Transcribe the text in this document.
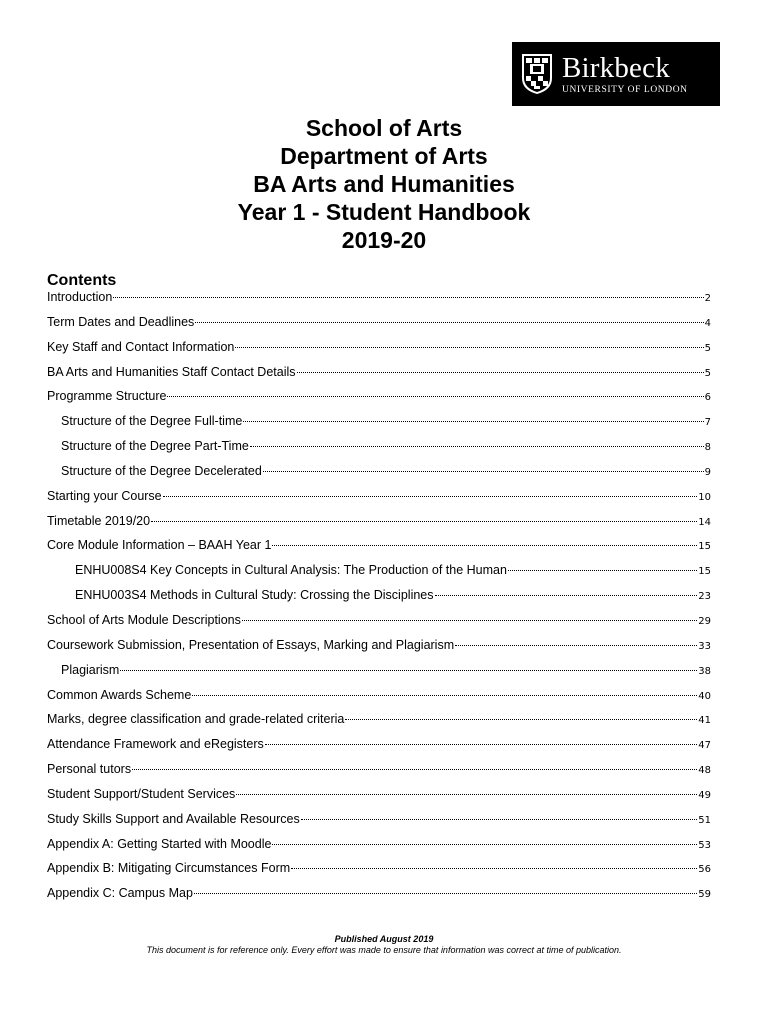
Birkbeck
UNIVERSITY OF LONDON
School of Arts
Department of Arts
BA Arts and Humanities
Year 1 - Student Handbook
2019-20
Contents
Introduction	2
Term Dates and Deadlines	4
Key Staff and Contact Information	5
BA Arts and Humanities Staff Contact Details	5
Programme Structure	6
Structure of the Degree Full-time	7
Structure of the Degree Part-Time	8
Structure of the Degree Decelerated	9
Starting your Course	10
Timetable 2019/20	14
Core Module Information – BAAH Year 1	15
ENHU008S4 Key Concepts in Cultural Analysis: The Production of the Human	15
ENHU003S4 Methods in Cultural Study: Crossing the Disciplines	23
School of Arts Module Descriptions	29
Coursework Submission, Presentation of Essays, Marking and Plagiarism	33
Plagiarism	38
Common Awards Scheme	40
Marks, degree classification and grade-related criteria	41
Attendance Framework and eRegisters	47
Personal tutors	48
Student Support/Student Services	49
Study Skills Support and Available Resources	51
Appendix A: Getting Started with Moodle	53
Appendix B: Mitigating Circumstances Form	56
Appendix C: Campus Map	59
Published August 2019
This document is for reference only. Every effort was made to ensure that information was correct at time of publication.
